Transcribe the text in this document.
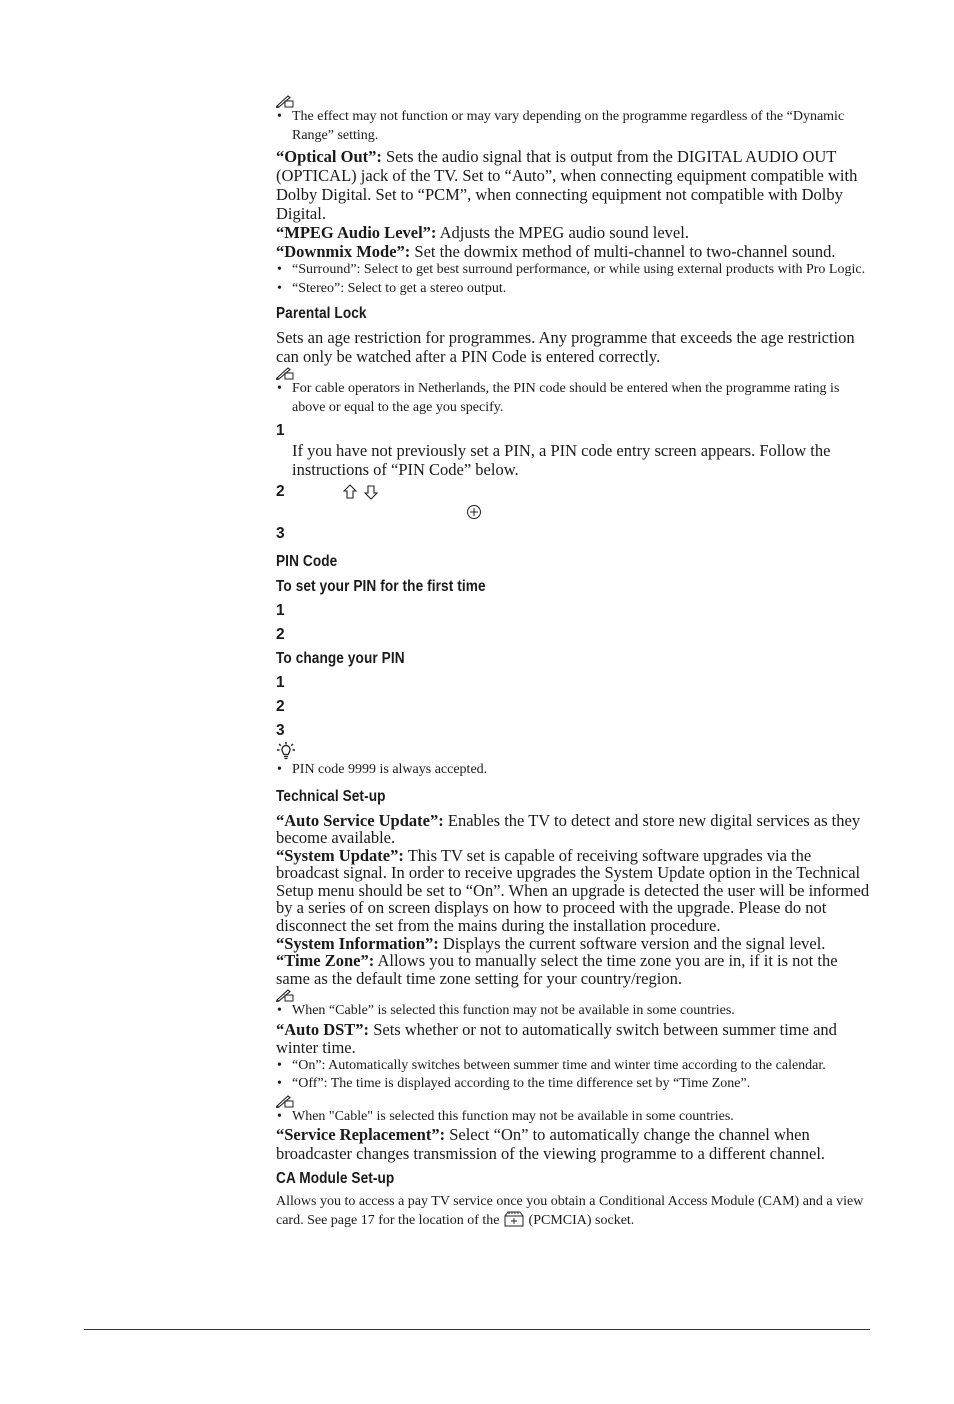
• The effect may not function or may vary depending on the programme regardless of the “Dynamic Range” setting.

“Optical Out”: Sets the audio signal that is output from the DIGITAL AUDIO OUT (OPTICAL) jack of the TV. Set to “Auto”, when connecting equipment compatible with Dolby Digital. Set to “PCM”, when connecting equipment not compatible with Dolby Digital.

“MPEG Audio Level”: Adjusts the MPEG audio sound level.

“Downmix Mode”: Set the dowmix method of multi-channel to two-channel sound.

• “Surround”: Select to get best surround performance, or while using external products with Pro Logic.

• “Stereo”: Select to get a stereo output.

Parental Lock

Sets an age restriction for programmes. Any programme that exceeds the age restriction can only be watched after a PIN Code is entered correctly.

• For cable operators in Netherlands, the PIN code should be entered when the programme rating is above or equal to the age you specify.

1

If you have not previously set a PIN, a PIN code entry screen appears. Follow the instructions of “PIN Code” below.

2

3

PIN Code

To set your PIN for the first time

1

2

To change your PIN

1

2

3

• PIN code 9999 is always accepted.

Technical Set-up

“Auto Service Update”: Enables the TV to detect and store new digital services as they become available.

“System Update”: This TV set is capable of receiving software upgrades via the broadcast signal. In order to receive upgrades the System Update option in the Technical Setup menu should be set to “On”. When an upgrade is detected the user will be informed by a series of on screen displays on how to proceed with the upgrade. Please do not disconnect the set from the mains during the installation procedure.

“System Information”: Displays the current software version and the signal level.

“Time Zone”: Allows you to manually select the time zone you are in, if it is not the same as the default time zone setting for your country/region.

• When “Cable” is selected this function may not be available in some countries.

“Auto DST”: Sets whether or not to automatically switch between summer time and winter time.

• “On”: Automatically switches between summer time and winter time according to the calendar.

• “Off”: The time is displayed according to the time difference set by “Time Zone”.

• When "Cable" is selected this function may not be available in some countries.

“Service Replacement”: Select “On” to automatically change the channel when broadcaster changes transmission of the viewing programme to a different channel.

CA Module Set-up

Allows you to access a pay TV service once you obtain a Conditional Access Module (CAM) and a view card. See page 17 for the location of the  (PCMCIA) socket.
